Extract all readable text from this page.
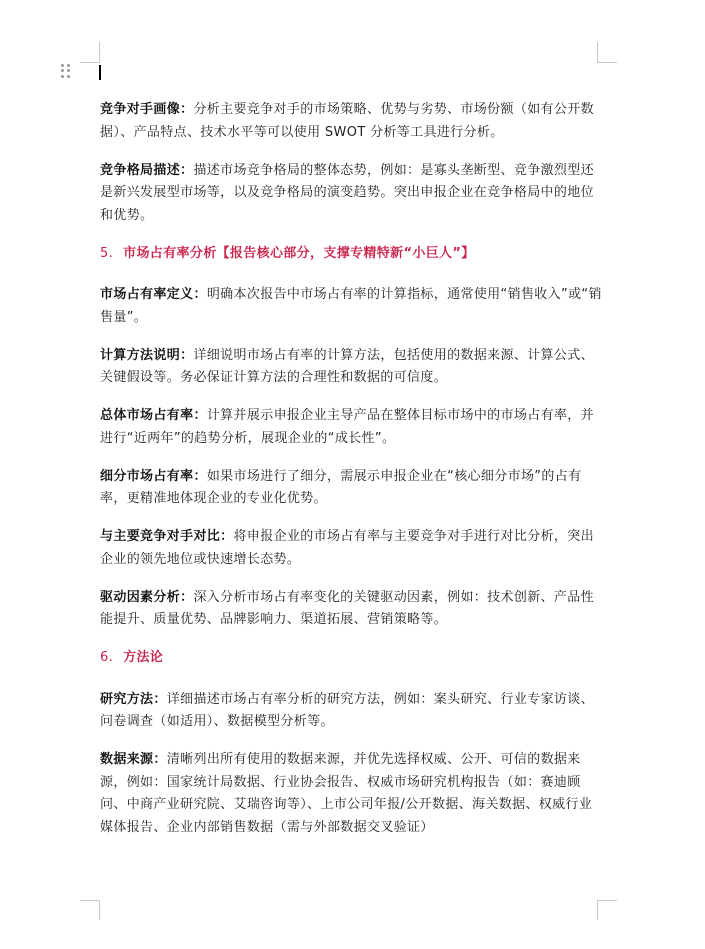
竞争对手画像：分析主要竞争对手的市场策略、优势与劣势、市场份额（如有公开数据）、产品特点、技术水平等可以使用 SWOT 分析等工具进行分析。

竞争格局描述：描述市场竞争格局的整体态势，例如：是寡头垄断型、竞争激烈型还是新兴发展型市场等，以及竞争格局的演变趋势。突出申报企业在竞争格局中的地位和优势。

5. 市场占有率分析【报告核心部分，支撑专精特新“小巨人”】

市场占有率定义：明确本次报告中市场占有率的计算指标，通常使用“销售收入”或“销售量”。

计算方法说明：详细说明市场占有率的计算方法，包括使用的数据来源、计算公式、关键假设等。务必保证计算方法的合理性和数据的可信度。

总体市场占有率：计算并展示申报企业主导产品在整体目标市场中的市场占有率，并进行“近两年”的趋势分析，展现企业的“成长性”。

细分市场占有率：如果市场进行了细分，需展示申报企业在“核心细分市场”的占有率，更精准地体现企业的专业化优势。

与主要竞争对手对比：将申报企业的市场占有率与主要竞争对手进行对比分析，突出企业的领先地位或快速增长态势。

驱动因素分析：深入分析市场占有率变化的关键驱动因素，例如：技术创新、产品性能提升、质量优势、品牌影响力、渠道拓展、营销策略等。

6. 方法论

研究方法：详细描述市场占有率分析的研究方法，例如：案头研究、行业专家访谈、问卷调查（如适用）、数据模型分析等。

数据来源：清晰列出所有使用的数据来源，并优先选择权威、公开、可信的数据来源，例如：国家统计局数据、行业协会报告、权威市场研究机构报告（如：赛迪顾问、中商产业研究院、艾瑞咨询等）、上市公司年报/公开数据、海关数据、权威行业媒体报告、企业内部销售数据（需与外部数据交叉验证）
